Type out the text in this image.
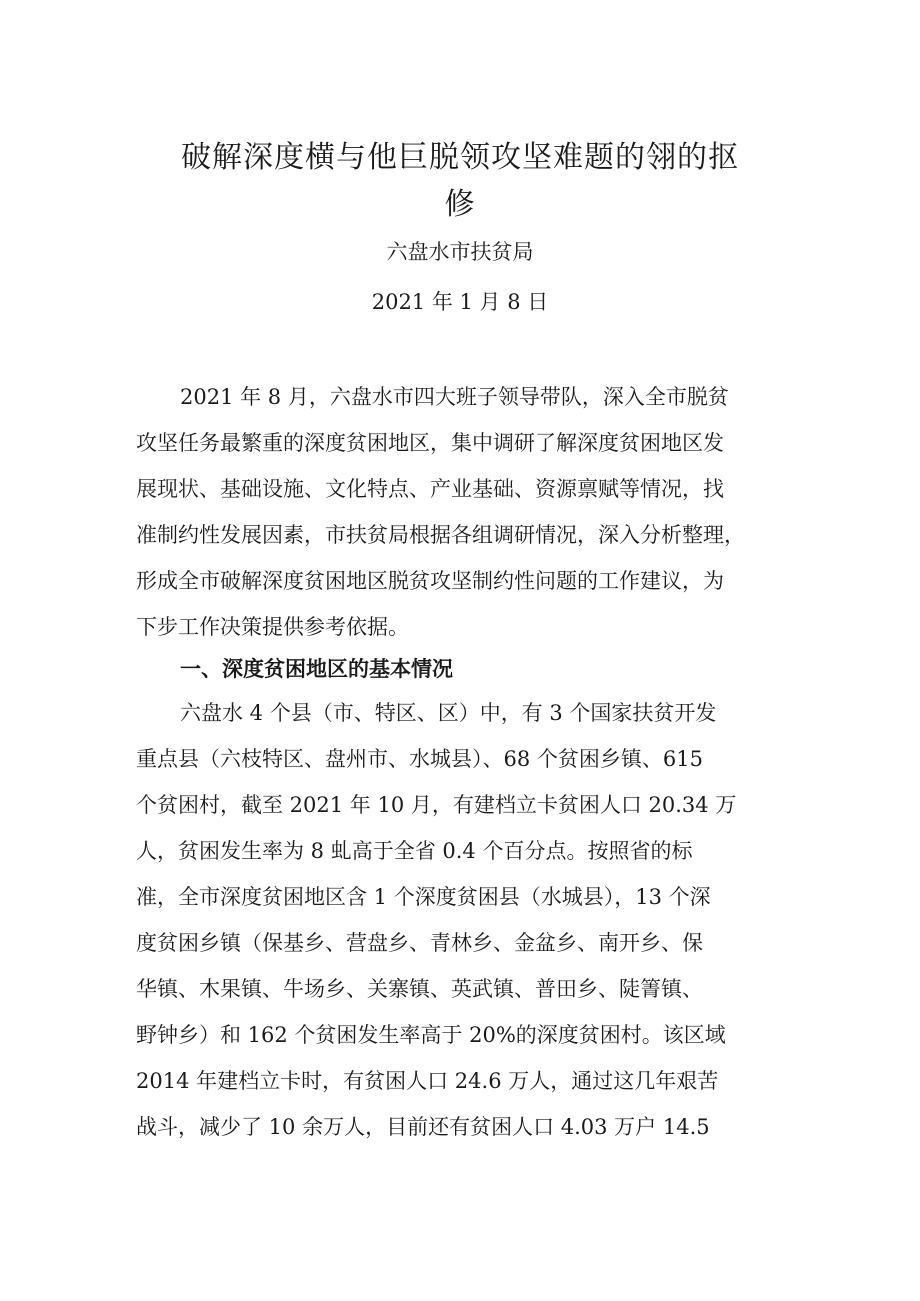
破解深度横与他巨脱领攻坚难题的翎的抠
修
六盘水市扶贫局
2021 年 1 月 8 日
2021 年 8 月，六盘水市四大班子领导带队，深入全市脱贫
攻坚任务最繁重的深度贫困地区，集中调研了解深度贫困地区发
展现状、基础设施、文化特点、产业基础、资源禀赋等情况，找
准制约性发展因素，市扶贫局根据各组调研情况，深入分析整理，
形成全市破解深度贫困地区脱贫攻坚制约性问题的工作建议，为
下步工作决策提供参考依据。
一、深度贫困地区的基本情况
六盘水 4 个县（市、特区、区）中，有 3 个国家扶贫开发
重点县（六枝特区、盘州市、水城县）、68 个贫困乡镇、615
个贫困村，截至 2021 年 10 月，有建档立卡贫困人口 20.34 万
人，贫困发生率为 8 虬高于全省 0.4 个百分点。按照省的标
准，全市深度贫困地区含 1 个深度贫困县（水城县），13 个深
度贫困乡镇（保基乡、营盘乡、青林乡、金盆乡、南开乡、保
华镇、木果镇、牛场乡、关寨镇、英武镇、普田乡、陡箐镇、
野钟乡）和 162 个贫困发生率高于 20%的深度贫困村。该区域
2014 年建档立卡时，有贫困人口 24.6 万人，通过这几年艰苦
战斗，减少了 10 余万人，目前还有贫困人口 4.03 万户 14.5
